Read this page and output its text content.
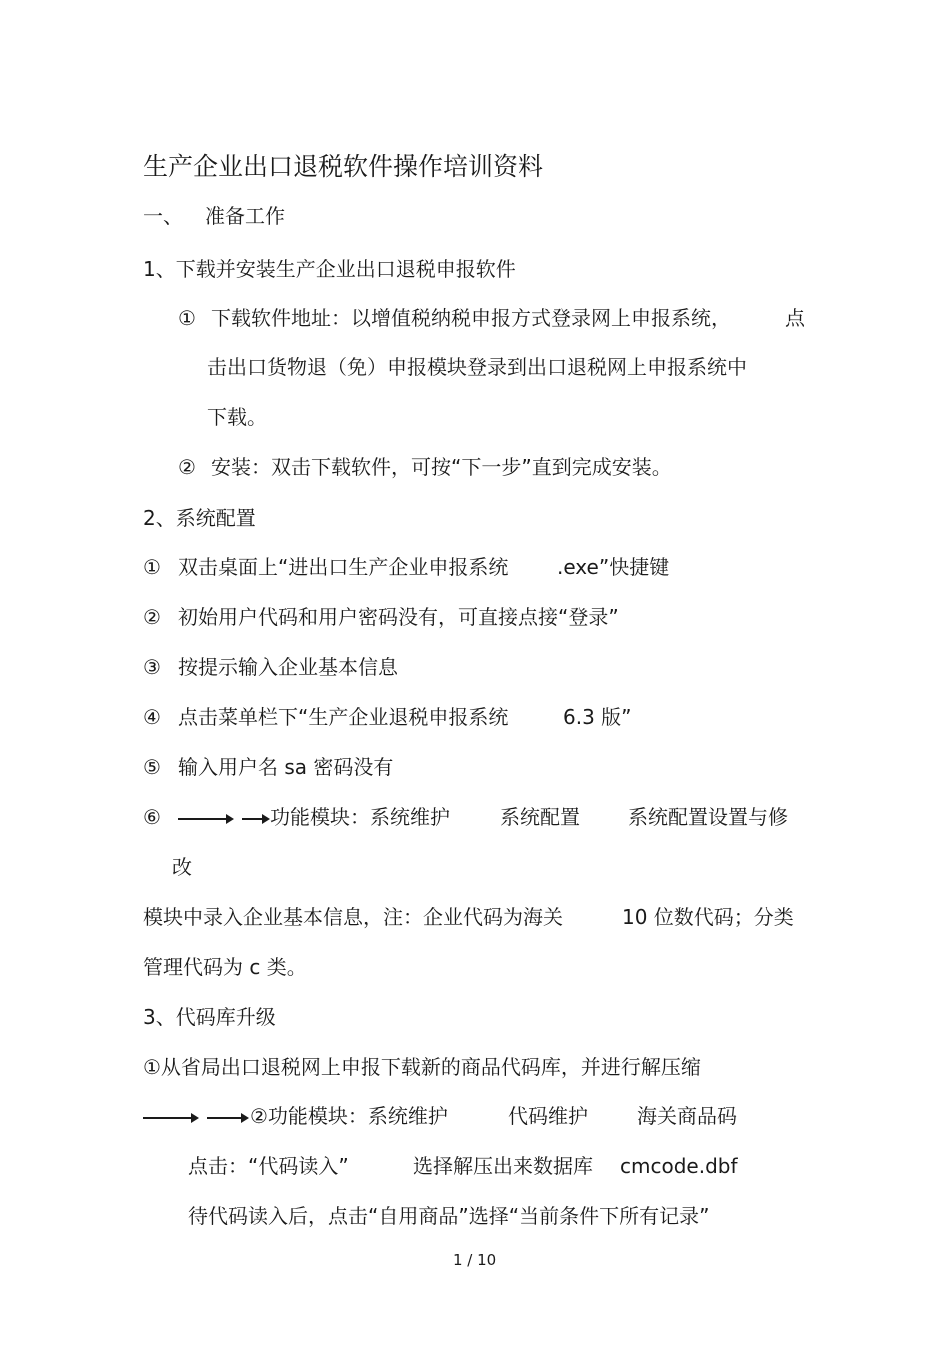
生产企业出口退税软件操作培训资料
一、 准备工作
1、下载并安装生产企业出口退税申报软件
① 下载软件地址：以增值税纳税申报方式登录网上申报系统，	点
击出口货物退（免）申报模块登录到出口退税网上申报系统中
下载。
② 安装：双击下载软件，可按“下一步”直到完成安装。
2、系统配置
① 双击桌面上“进出口生产企业申报系统 .exe”快捷键
② 初始用户代码和用户密码没有，可直接点接“登录”
③ 按提示输入企业基本信息
④ 点击菜单栏下“生产企业退税申报系统	6.3 版”
⑤ 输入用户名 sa 密码没有
⑥	功能模块：系统维护	系统配置 系统配置设置与修
改
模块中录入企业基本信息，注：企业代码为海关	10 位数代码；分类
管理代码为 c 类。
3、代码库升级
①从省局出口退税网上申报下载新的商品代码库，并进行解压缩
②功能模块：系统维护	代码维护 海关商品码
点击：“代码读入”	选择解压出来数据库 cmcode.dbf
待代码读入后，点击“自用商品”选择“当前条件下所有记录”
1 / 10
